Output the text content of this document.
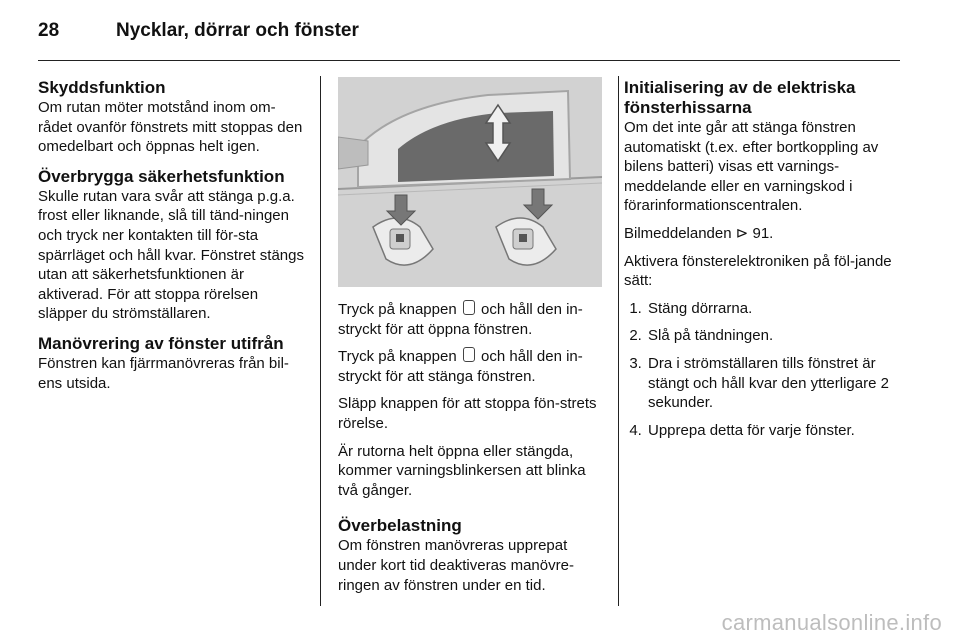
28	Nycklar, dörrar och fönster
Skyddsfunktion

Om rutan möter motstånd inom om-rådet ovanför fönstrets mitt stoppas den omedelbart och öppnas helt igen.

Överbrygga säkerhetsfunktion

Skulle rutan vara svår att stänga p.g.a. frost eller liknande, slå till tänd-ningen och tryck ner kontakten till för-sta spärrläget och håll kvar. Fönstret stängs utan att säkerhetsfunktionen är aktiverad. För att stoppa rörelsen släpper du strömställaren.

Manövrering av fönster utifrån

Fönstren kan fjärrmanövreras från bil-ens utsida.

Tryck på knappen och håll den in-stryckt för att öppna fönstren.

Tryck på knappen och håll den in-stryckt för att stänga fönstren.

Släpp knappen för att stoppa fön-strets rörelse.

Är rutorna helt öppna eller stängda, kommer varningsblinkersen att blinka två gånger.

Överbelastning

Om fönstren manövreras upprepat under kort tid deaktiveras manövre-ringen av fönstren under en tid.

Initialisering av de elektriska fönsterhissarna

Om det inte går att stänga fönstren automatiskt (t.ex. efter bortkoppling av bilens batteri) visas ett varnings-meddelande eller en varningskod i förarinformationscentralen.

Bilmeddelanden ⊳ 91.

Aktivera fönsterelektroniken på föl-jande sätt:

1. Stäng dörrarna.
2. Slå på tändningen.
3. Dra i strömställaren tills fönstret är stängt och håll kvar den ytterligare 2 sekunder.
4. Upprepa detta för varje fönster.
carmanualsonline.info
